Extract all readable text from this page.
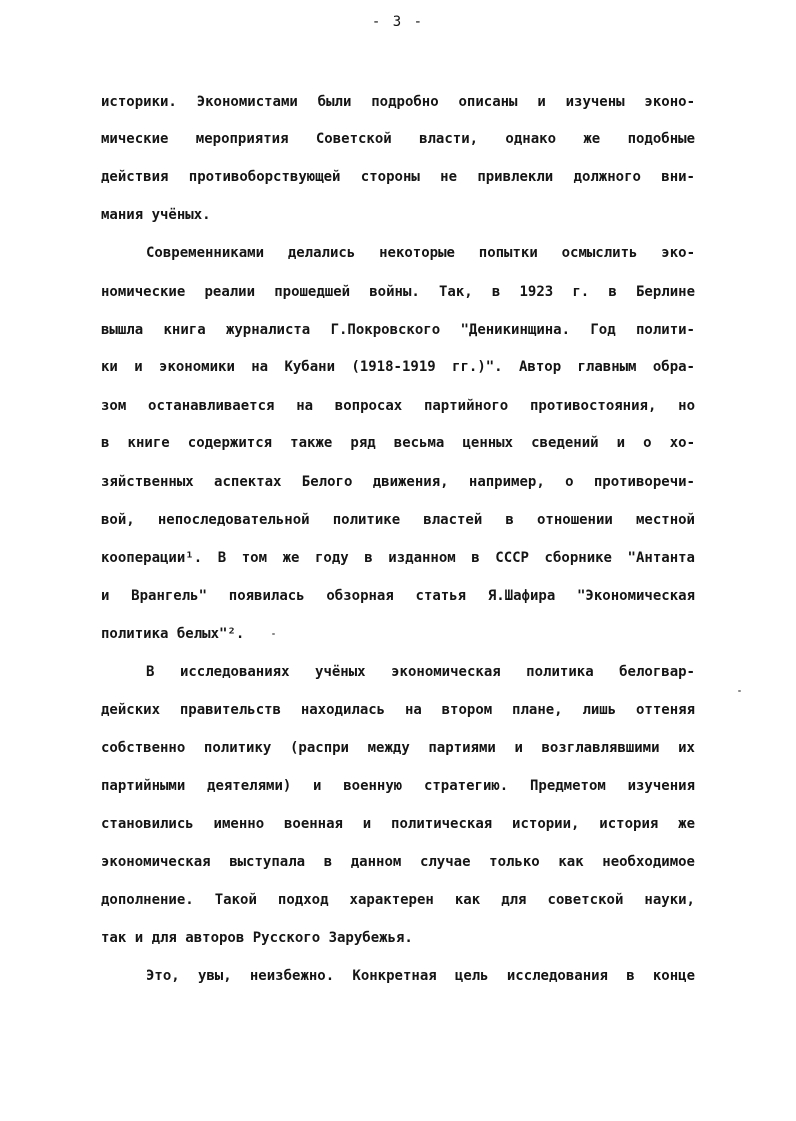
- 3 -
историки. Экономистами были подробно описаны и изучены эконо-
мические мероприятия Советской власти, однако же подобные
действия противоборствующей стороны не привлекли должного вни-
мания учёных.
Современниками делались некоторые попытки осмыслить эко-
номические реалии прошедшей войны. Так, в 1923 г. в Берлине
вышла книга журналиста Г.Покровского "Деникинщина. Год полити-
ки и экономики на Кубани (1918-1919 гг.)". Автор главным обра-
зом останавливается на вопросах партийного противостояния, но
в книге содержится также ряд весьма ценных сведений и о хо-
зяйственных аспектах Белого движения, например, о противоречи-
вой, непоследовательной политике властей в отношении местной
кооперации¹. В том же году в изданном в СССР сборнике "Антанта
и Врангель" появилась обзорная статья Я.Шафира "Экономическая
политика белых"².
В исследованиях учёных экономическая политика белогвар-
дейских правительств находилась на втором плане, лишь оттеняя
собственно политику (распри между партиями и возглавлявшими их
партийными деятелями) и военную стратегию. Предметом изучения
становились именно военная и политическая истории, история же
экономическая выступала в данном случае только как необходимое
дополнение. Такой подход характерен как для советской науки,
так и для авторов Русского Зарубежья.
Это, увы, неизбежно. Конкретная цель исследования в конце
